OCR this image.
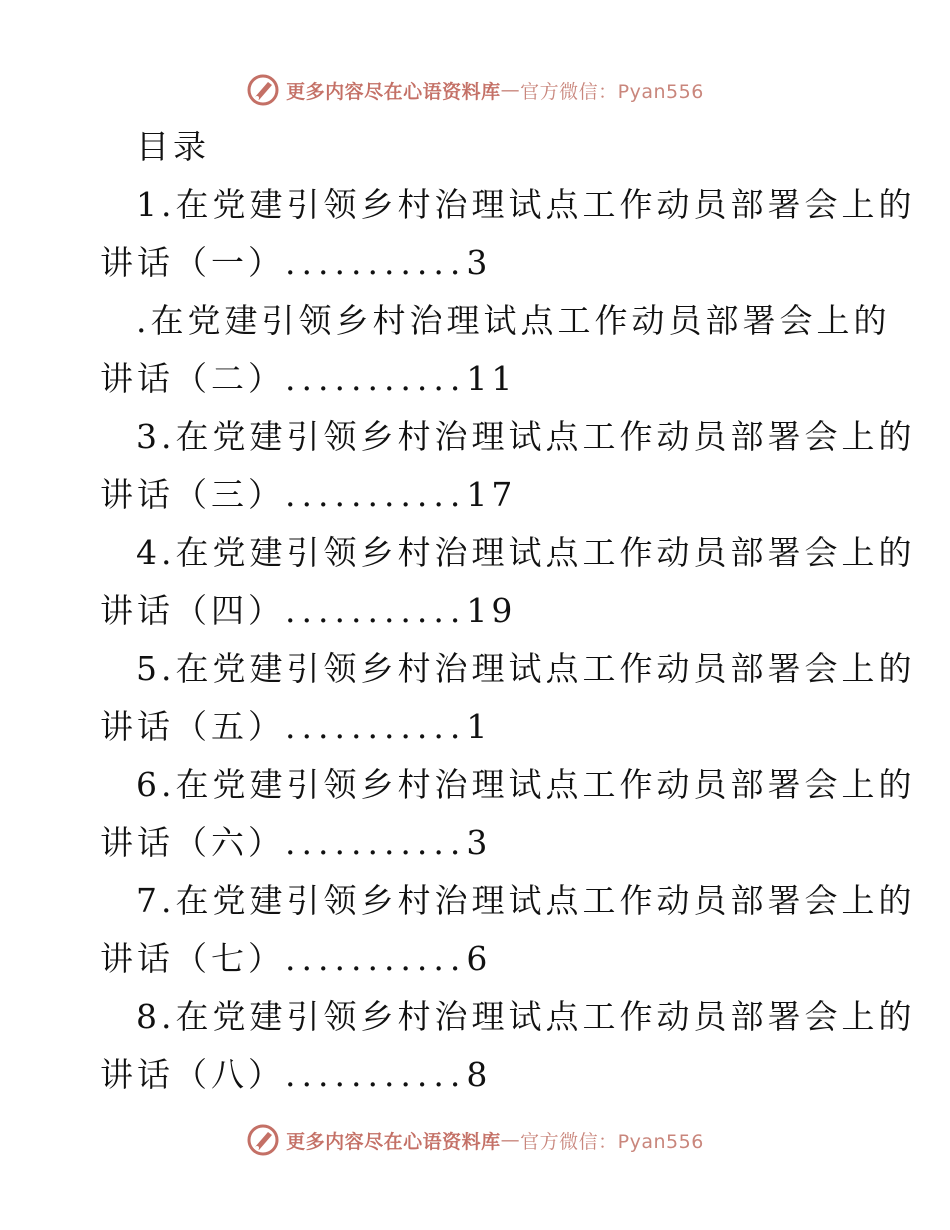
更多内容尽在心语资料库 — 官方微信：Pyan556
目录
1.在党建引领乡村治理试点工作动员部署会上的
讲话（一）...........3
.在党建引领乡村治理试点工作动员部署会上的
讲话（二）...........11
3.在党建引领乡村治理试点工作动员部署会上的
讲话（三）...........17
4.在党建引领乡村治理试点工作动员部署会上的
讲话（四）...........19
5.在党建引领乡村治理试点工作动员部署会上的
讲话（五）...........1
6.在党建引领乡村治理试点工作动员部署会上的
讲话（六）...........3
7.在党建引领乡村治理试点工作动员部署会上的
讲话（七）...........6
8.在党建引领乡村治理试点工作动员部署会上的
讲话（八）...........8
更多内容尽在心语资料库 — 官方微信：Pyan556
